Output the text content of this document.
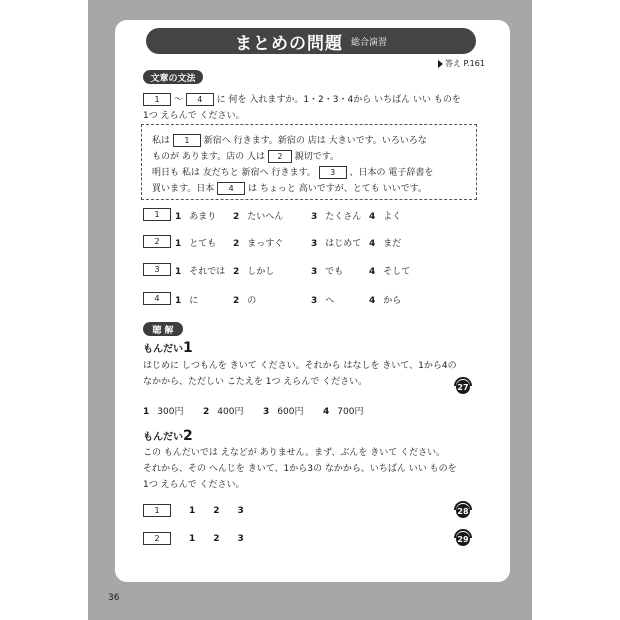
まとめの問題 総合演習
答え P.161
文章の文法
1 〜 4 に 何を 入れますか。1・2・3・4から いちばん いい ものを
1つ えらんで ください。
私は 1 新宿へ 行きます。新宿の 店は 大きいです。いろいろな
ものが あります。店の 人は 2 親切です。
明日も 私は 友だちと 新宿へ 行きます。 3 、日本の 電子辞書を
買います。日本 4 は ちょっと 高いですが、とても いいです。
1	1 あまり 2 たいへん	3 たくさん 4 よく
2	1 とても 2 まっすぐ	3 はじめて 4 まだ
3	1 それでは 2 しかし	3 でも	4 そして
4	1 に	2 の	3 へ	4 から
聴 解
もんだい1
はじめに しつもんを きいて ください。それから はなしを きいて、1から4の
なかから、ただしい こたえを 1つ えらんで ください。
1 300円 2 400円 3 600円 4 700円
27
もんだい2
この もんだいでは えなどが ありません。まず、ぶんを きいて ください。
それから、その へんじを きいて、1から3の なかから、いちばん いい ものを
1つ えらんで ください。
1	1 2 3	28
2	1 2 3	29
36
